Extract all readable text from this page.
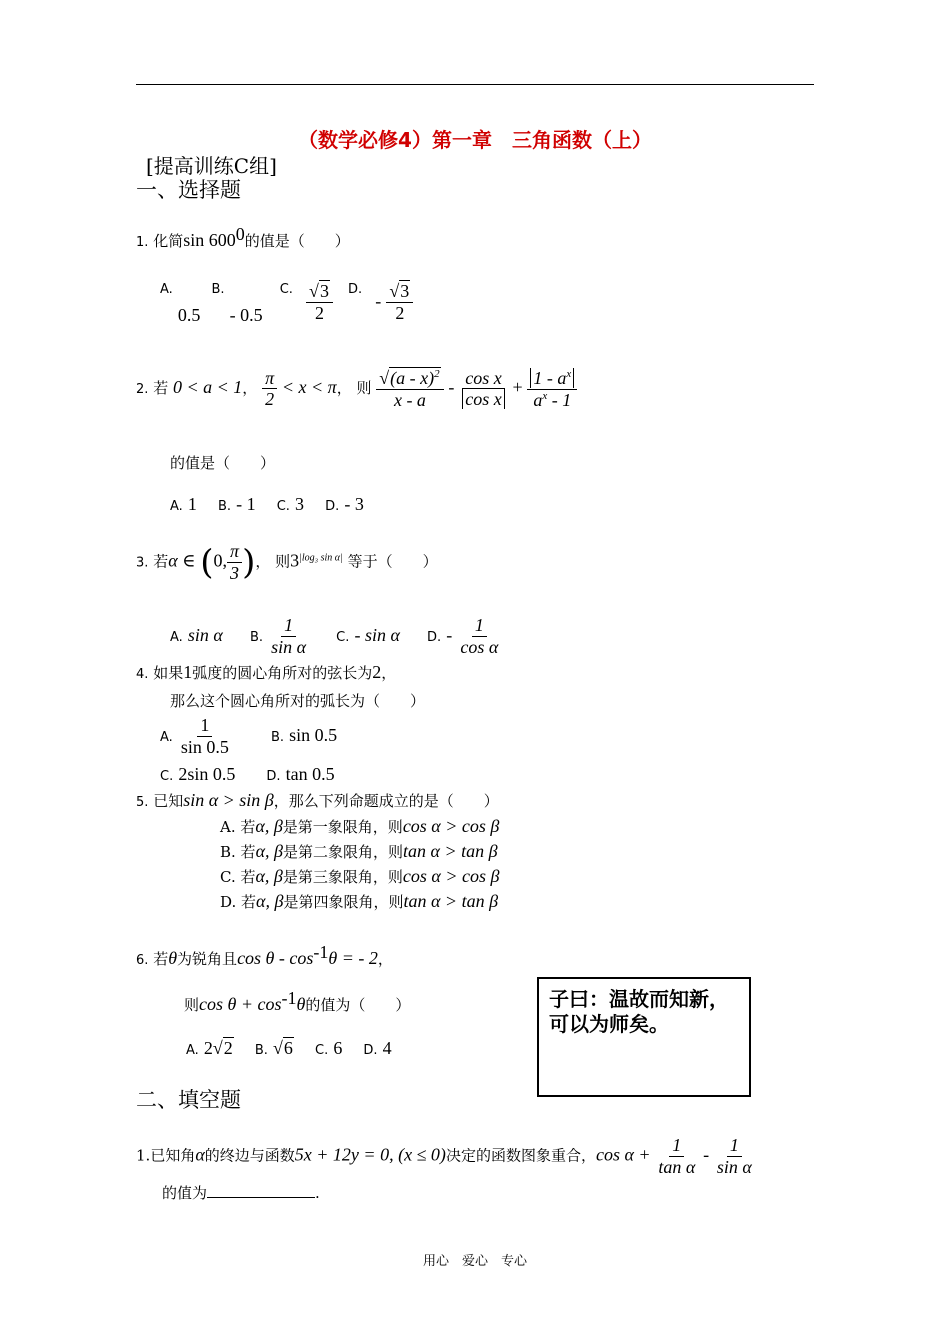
（数学必修4）第一章　三角函数（上）
[提高训练C组]
一、选择题
1. 化简$\sin 600^0$的值是（　　）
$^{A.}$ 0.5 $^{B.}$ - 0.5 $^{C.} \frac{√3}{2} ^{D.} - \frac{√3}{2}$
2. 若 0 < a < 1， $\frac{\pi}{2} < x < \pi$， 则 $\frac{√(a - x)^2}{x - a} - \frac{\text{cos x}}{\text{cos x}} + \frac{1 - a^x}{a^x - 1}$
的值是（　　）
A. 1 B. - 1 C. 3 D. - 3
3. 若α ∈ (0, $\frac{\pi}{3}$ )， 则$3^{|log_3 sin \alpha|}$ 等于（　　）
A. sin α B. $\frac{1}{\text{sin α}} C$. - sin α D. - $\frac{1}{\text{cos α}}$
4. 如果1弧度的圆心角所对的弦长为2，
那么这个圆心角所对的弧长为（　　）
A. $\frac{1}{\sin 0.5}$	B. sin 0.5
C. 2sin 0.5 D. tan 0.5
5. 已知sin α > sin β，那么下列命题成立的是（　　）
A. 若α, β是第一象限角，则cos α > cos β
B. 若α, β是第二象限角，则tan α > tan β
C. 若α, β是第三象限角，则cos α > cos β
D. 若α, β是第四象限角，则tan α > tan β
6. 若θ为锐角且cos θ - $\cos^{-1}\theta$ = - 2，
则$\cos \theta + \cos^{-1}\theta$的值为（　　）
A. 2√2 B. √6 C. 6 D. 4
子曰：温故而知新，
可以为师矣。
二、填空题
1.已知角α的终边与函数5x + 12y = 0, (x ≤ 0)决定的函数图象重合，$\cos \alpha + \frac{1}{\text{tan α}} - \frac{1}{\text{sin α}}$
的值为	.
用心　爱心　专心
